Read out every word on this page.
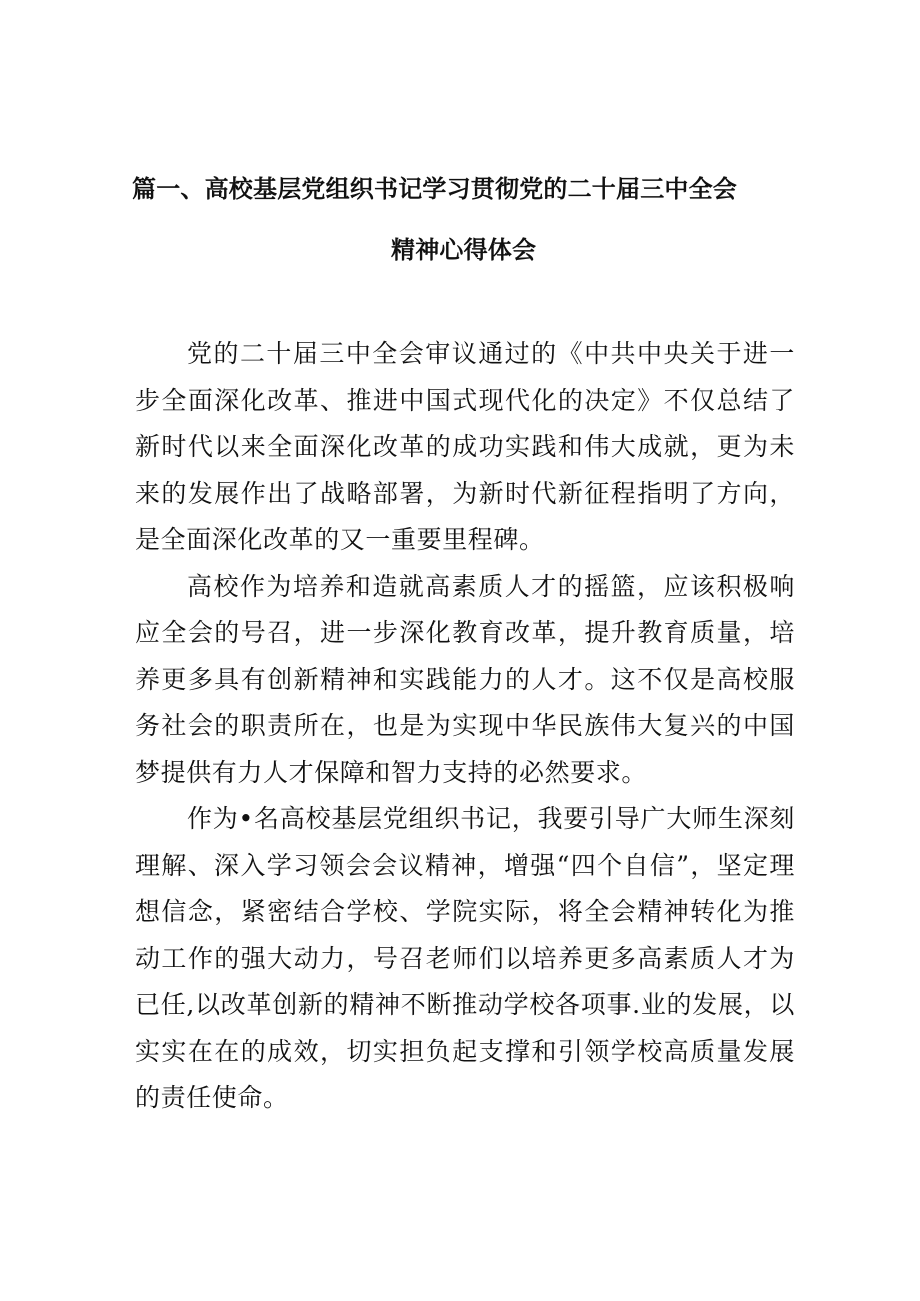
篇一、高校基层党组织书记学习贯彻党的二十届三中全会
精神心得体会

党的二十届三中全会审议通过的《中共中央关于进一步全面深化改革、推进中国式现代化的决定》不仅总结了新时代以来全面深化改革的成功实践和伟大成就，更为未来的发展作出了战略部署，为新时代新征程指明了方向，是全面深化改革的又一重要里程碑。

高校作为培养和造就高素质人才的摇篮，应该积极响应全会的号召，进一步深化教育改革，提升教育质量，培养更多具有创新精神和实践能力的人才。这不仅是高校服务社会的职责所在，也是为实现中华民族伟大复兴的中国梦提供有力人才保障和智力支持的必然要求。

作为•名高校基层党组织书记，我要引导广大师生深刻理解、深入学习领会会议精神，增强“四个自信”，坚定理想信念，紧密结合学校、学院实际，将全会精神转化为推动工作的强大动力，号召老师们以培养更多高素质人才为已任,以改革创新的精神不断推动学校各项事.业的发展，以实实在在的成效，切实担负起支撑和引领学校高质量发展的责任使命。
